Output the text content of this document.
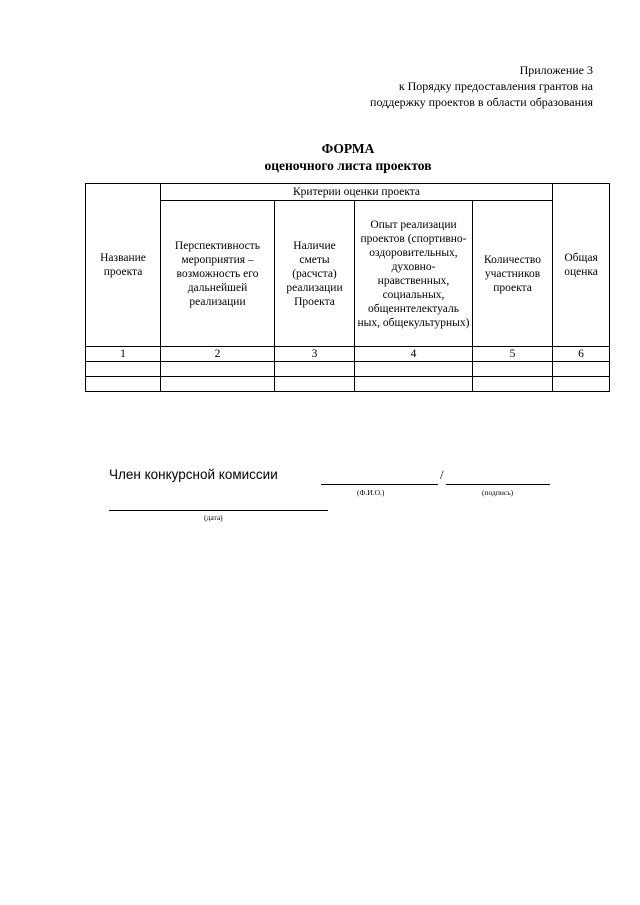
Приложение 3
к Порядку предоставления грантов на
поддержку проектов в области образования
ФОРМА
оценочного листа проектов
Название проекта	Критерии оценки проекта				Общая оценка
	Перспективность мероприятия – возможность его дальнейшей реализации	Наличие сметы (расчста) реализации Проекта	Опыт реализации проектов (спортивно-оздоровительных, духовно-нравственных, социальных, общеинтелектуаль ных, общекультурных)	Количество участников проекта	
1	2	3	4	5	6

Член конкурсной комиссии	/
(Ф.И.О.)	(подпись)
(дата)
